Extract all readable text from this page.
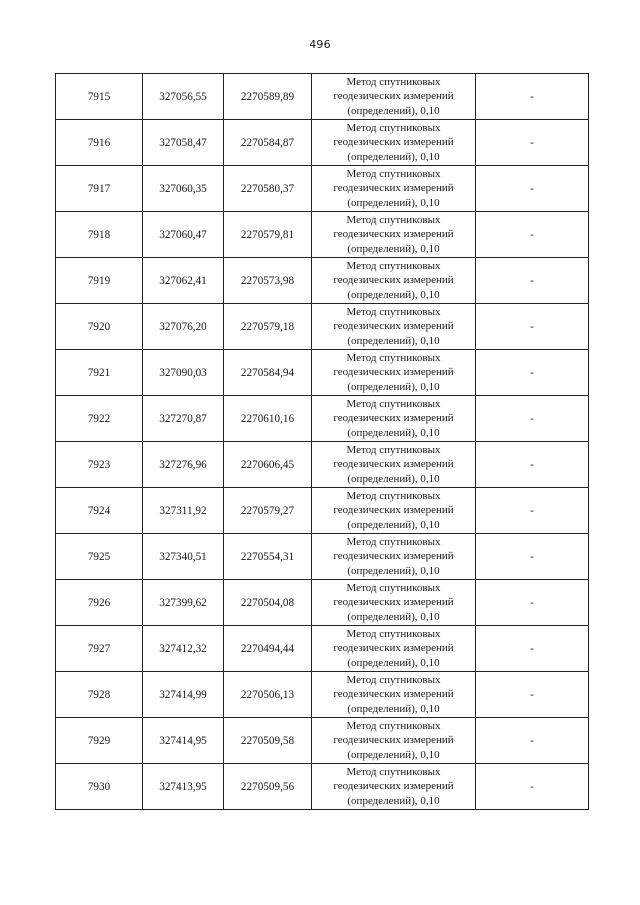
496
7915	327056,55	2270589,89	Метод спутниковых
геодезических измерений
(определений), 0,10	-
7916	327058,47	2270584,87	Метод спутниковых
геодезических измерений
(определений), 0,10	-
7917	327060,35	2270580,37	Метод спутниковых
геодезических измерений
(определений), 0,10	-
7918	327060,47	2270579,81	Метод спутниковых
геодезических измерений
(определений), 0,10	-
7919	327062,41	2270573,98	Метод спутниковых
геодезических измерений
(определений), 0,10	-
7920	327076,20	2270579,18	Метод спутниковых
геодезических измерений
(определений), 0,10	-
7921	327090,03	2270584,94	Метод спутниковых
геодезических измерений
(определений), 0,10	-
7922	327270,87	2270610,16	Метод спутниковых
геодезических измерений
(определений), 0,10	-
7923	327276,96	2270606,45	Метод спутниковых
геодезических измерений
(определений), 0,10	-
7924	327311,92	2270579,27	Метод спутниковых
геодезических измерений
(определений), 0,10	-
7925	327340,51	2270554,31	Метод спутниковых
геодезических измерений
(определений), 0,10	-
7926	327399,62	2270504,08	Метод спутниковых
геодезических измерений
(определений), 0,10	-
7927	327412,32	2270494,44	Метод спутниковых
геодезических измерений
(определений), 0,10	-
7928	327414,99	2270506,13	Метод спутниковых
геодезических измерений
(определений), 0,10	-
7929	327414,95	2270509,58	Метод спутниковых
геодезических измерений
(определений), 0,10	-
7930	327413,95	2270509,56	Метод спутниковых
геодезических измерений
(определений), 0,10	-
